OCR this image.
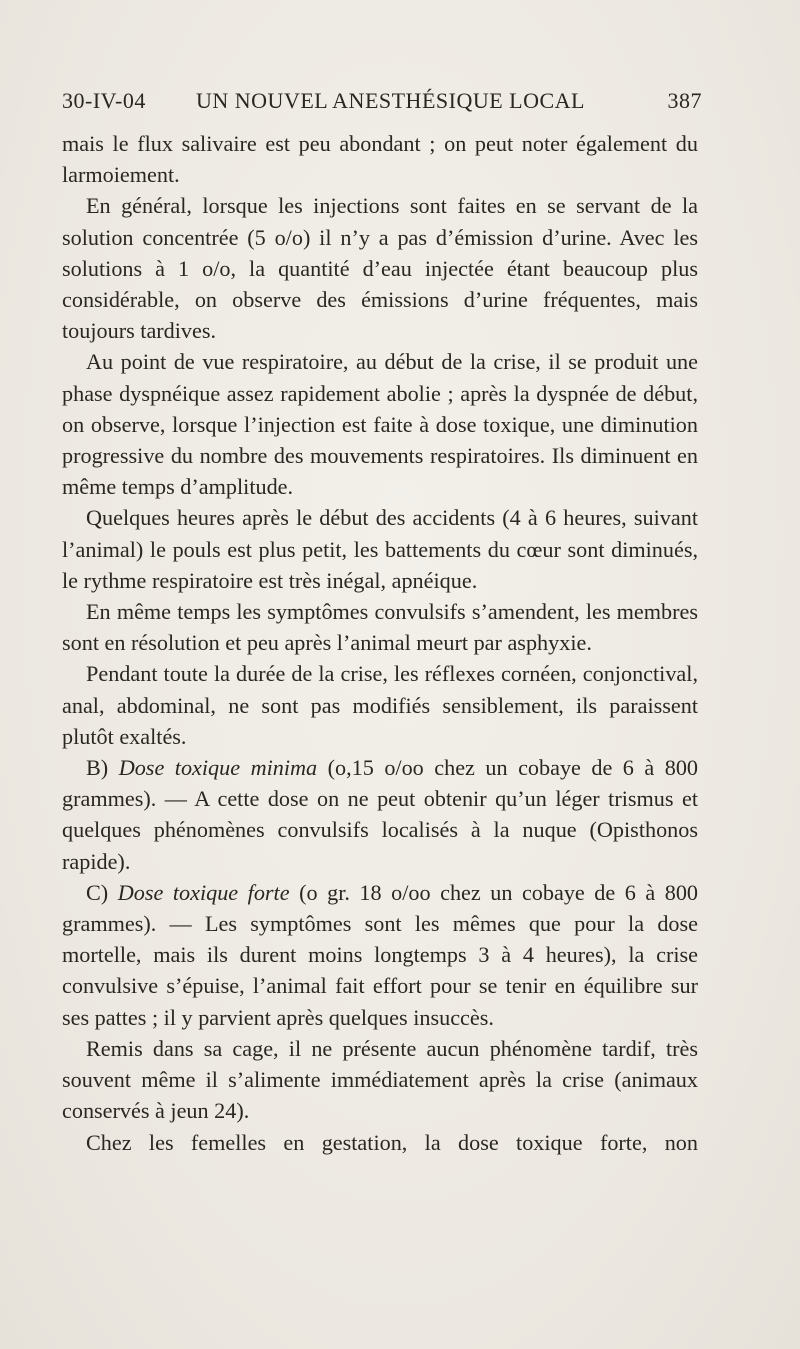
30-IV-04 UN NOUVEL ANESTHÉSIQUE LOCAL	387

mais le flux salivaire est peu abondant ; on peut noter également du larmoiement.

En général, lorsque les injections sont faites en se servant de la solution concentrée (5 o/o) il n’y a pas d’émission d’urine. Avec les solutions à 1 o/o, la quantité d’eau injectée étant beaucoup plus considérable, on observe des émissions d’urine fréquentes, mais toujours tardives.

Au point de vue respiratoire, au début de la crise, il se produit une phase dyspnéique assez rapidement abolie ; après la dyspnée de début, on observe, lorsque l’injection est faite à dose toxique, une diminution progressive du nombre des mouvements respiratoires. Ils diminuent en même temps d’amplitude.

Quelques heures après le début des accidents (4 à 6 heures, suivant l’animal) le pouls est plus petit, les battements du cœur sont diminués, le rythme respiratoire est très inégal, apnéique.

En même temps les symptômes convulsifs s’amendent, les membres sont en résolution et peu après l’animal meurt par asphyxie.

Pendant toute la durée de la crise, les réflexes cornéen, conjonctival, anal, abdominal, ne sont pas modifiés sensiblement, ils paraissent plutôt exaltés.

B) Dose toxique minima (o,15 o/oo chez un cobaye de 6 à 800 grammes). — A cette dose on ne peut obtenir qu’un léger trismus et quelques phénomènes convulsifs localisés à la nuque (Opisthonos rapide).

C) Dose toxique forte (o gr. 18 o/oo chez un cobaye de 6 à 800 grammes). — Les symptômes sont les mêmes que pour la dose mortelle, mais ils durent moins longtemps 3 à 4 heures), la crise convulsive s’épuise, l’animal fait effort pour se tenir en équilibre sur ses pattes ; il y parvient après quelques insuccès.

Remis dans sa cage, il ne présente aucun phénomène tardif, très souvent même il s’alimente immédiatement après la crise (animaux conservés à jeun 24).

Chez les femelles en gestation, la dose toxique forte, non
